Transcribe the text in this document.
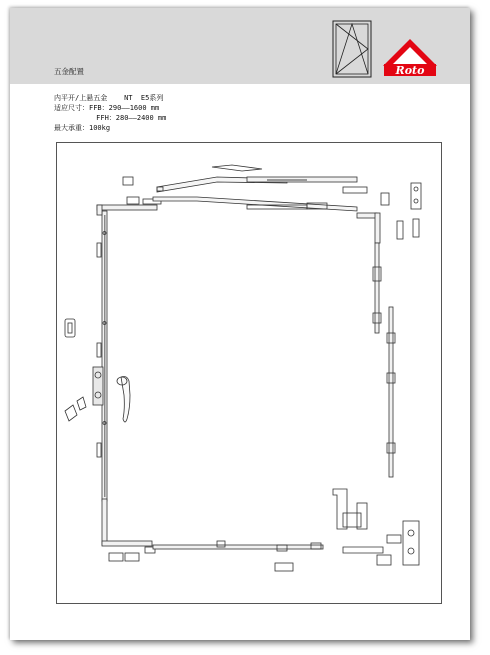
五金配置	Roto
内平开/上悬五金    NT  E5系列
适应尺寸：FFB：290——1600 mm
FFH：280——2400 mm
最大承重：100kg
